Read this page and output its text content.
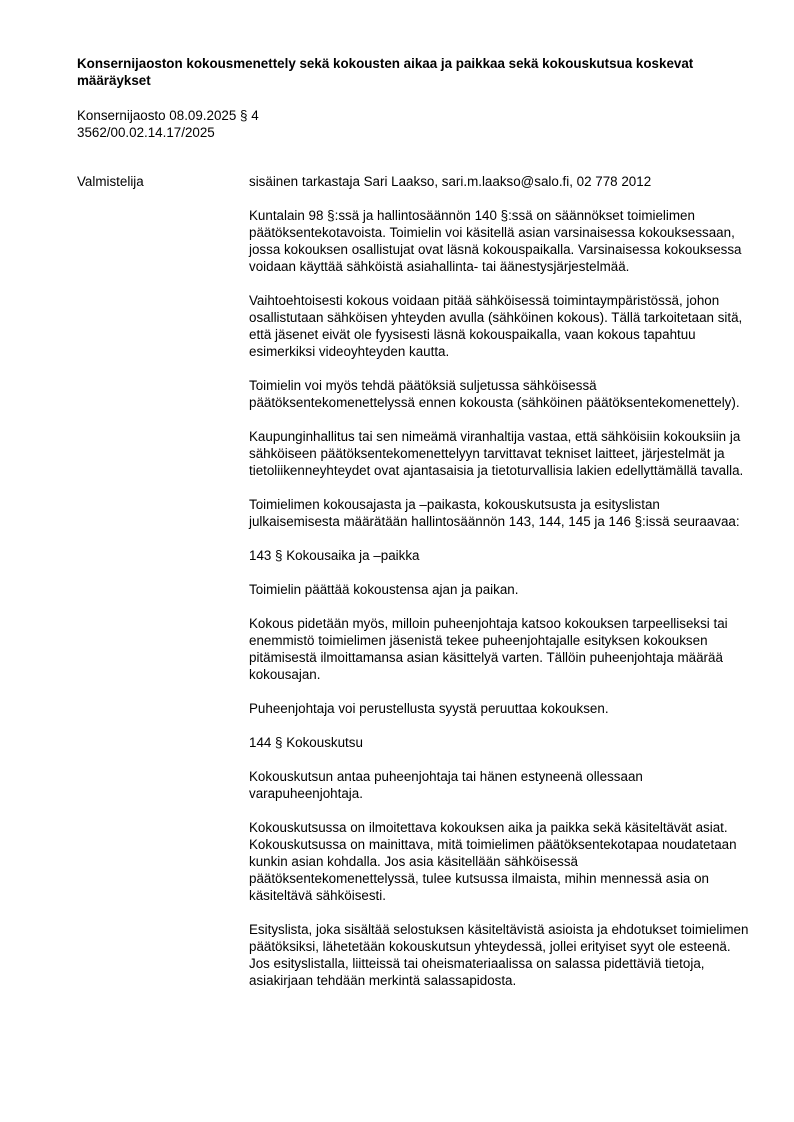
Konsernijaoston kokousmenettely sekä kokousten aikaa ja paikkaa sekä kokouskutsua koskevat määräykset
Konsernijaosto 08.09.2025 § 4
3562/00.02.14.17/2025
Valmistelija	sisäinen tarkastaja Sari Laakso, sari.m.laakso@salo.fi, 02 778 2012

Kuntalain 98 §:ssä ja hallintosäännön 140 §:ssä on säännökset toimielimen päätöksentekotavoista. Toimielin voi käsitellä asian varsinaisessa kokouksessaan, jossa kokouksen osallistujat ovat läsnä kokouspaikalla. Varsinaisessa kokouksessa voidaan käyttää sähköistä asiahallinta- tai äänestysjärjestelmää.

Vaihtoehtoisesti kokous voidaan pitää sähköisessä toimintaympäristössä, johon osallistutaan sähköisen yhteyden avulla (sähköinen kokous). Tällä tarkoitetaan sitä, että jäsenet eivät ole fyysisesti läsnä kokouspaikalla, vaan kokous tapahtuu esimerkiksi videoyhteyden kautta.

Toimielin voi myös tehdä päätöksiä suljetussa sähköisessä päätöksentekomenettelyssä ennen kokousta (sähköinen päätöksentekomenettely).

Kaupunginhallitus tai sen nimeämä viranhaltija vastaa, että sähköisiin kokouksiin ja sähköiseen päätöksentekomenettelyyn tarvittavat tekniset laitteet, järjestelmät ja tietoliikenneyhteydet ovat ajantasaisia ja tietoturvallisia lakien edellyttämällä tavalla.

Toimielimen kokousajasta ja –paikasta, kokouskutsusta ja esityslistan julkaisemisesta määrätään hallintosäännön 143, 144, 145 ja 146 §:issä seuraavaa:

143 § Kokousaika ja –paikka

Toimielin päättää kokoustensa ajan ja paikan.

Kokous pidetään myös, milloin puheenjohtaja katsoo kokouksen tarpeelliseksi tai enemmistö toimielimen jäsenistä tekee puheenjohtajalle esityksen kokouksen pitämisestä ilmoittamansa asian käsittelyä varten. Tällöin puheenjohtaja määrää kokousajan.

Puheenjohtaja voi perustellusta syystä peruuttaa kokouksen.

144 § Kokouskutsu

Kokouskutsun antaa puheenjohtaja tai hänen estyneenä ollessaan varapuheenjohtaja.

Kokouskutsussa on ilmoitettava kokouksen aika ja paikka sekä käsiteltävät asiat. Kokouskutsussa on mainittava, mitä toimielimen päätöksentekotapaa noudatetaan kunkin asian kohdalla. Jos asia käsitellään sähköisessä päätöksentekomenettelyssä, tulee kutsussa ilmaista, mihin mennessä asia on käsiteltävä sähköisesti.

Esityslista, joka sisältää selostuksen käsiteltävistä asioista ja ehdotukset toimielimen päätöksiksi, lähetetään kokouskutsun yhteydessä, jollei erityiset syyt ole esteenä. Jos esityslistalla, liitteissä tai oheismateriaalissa on salassa pidettäviä tietoja, asiakirjaan tehdään merkintä salassapidosta.
